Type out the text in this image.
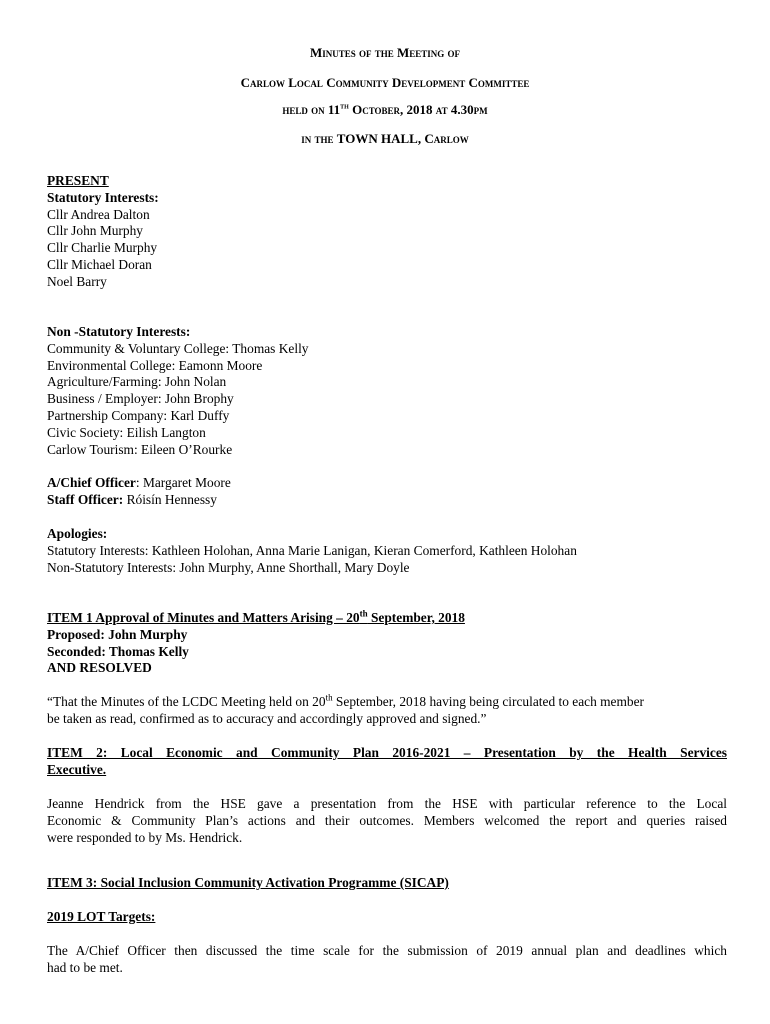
Minutes of the Meeting of
Carlow Local Community Development Committee
held on 11th October, 2018 at 4.30pm
in the TOWN HALL, Carlow
PRESENT
Statutory Interests:
Cllr Andrea Dalton
Cllr John Murphy
Cllr Charlie Murphy
Cllr Michael Doran
Noel Barry
Non -Statutory Interests:
Community & Voluntary College: Thomas Kelly
Environmental College: Eamonn Moore
Agriculture/Farming: John Nolan
Business / Employer: John Brophy
Partnership Company: Karl Duffy
Civic Society: Eilish Langton
Carlow Tourism: Eileen O’Rourke
A/Chief Officer: Margaret Moore
Staff Officer: Róisín Hennessy
Apologies:
Statutory Interests: Kathleen Holohan, Anna Marie Lanigan, Kieran Comerford, Kathleen Holohan
Non-Statutory Interests: John Murphy, Anne Shorthall, Mary Doyle
ITEM 1 Approval of Minutes and Matters Arising – 20th September, 2018
Proposed: John Murphy
Seconded: Thomas Kelly
AND RESOLVED
“That the Minutes of the LCDC Meeting held on 20th September, 2018 having being circulated to each member
be taken as read, confirmed as to accuracy and accordingly approved and signed.”
ITEM 2: Local Economic and Community Plan 2016-2021 – Presentation by the Health Services
Executive.
Jeanne Hendrick from the HSE gave a presentation from the HSE with particular reference to the Local
Economic & Community Plan’s actions and their outcomes. Members welcomed the report and queries raised
were responded to by Ms. Hendrick.
ITEM 3: Social Inclusion Community Activation Programme (SICAP)
2019 LOT Targets:
The A/Chief Officer then discussed the time scale for the submission of 2019 annual plan and deadlines which
had to be met.
